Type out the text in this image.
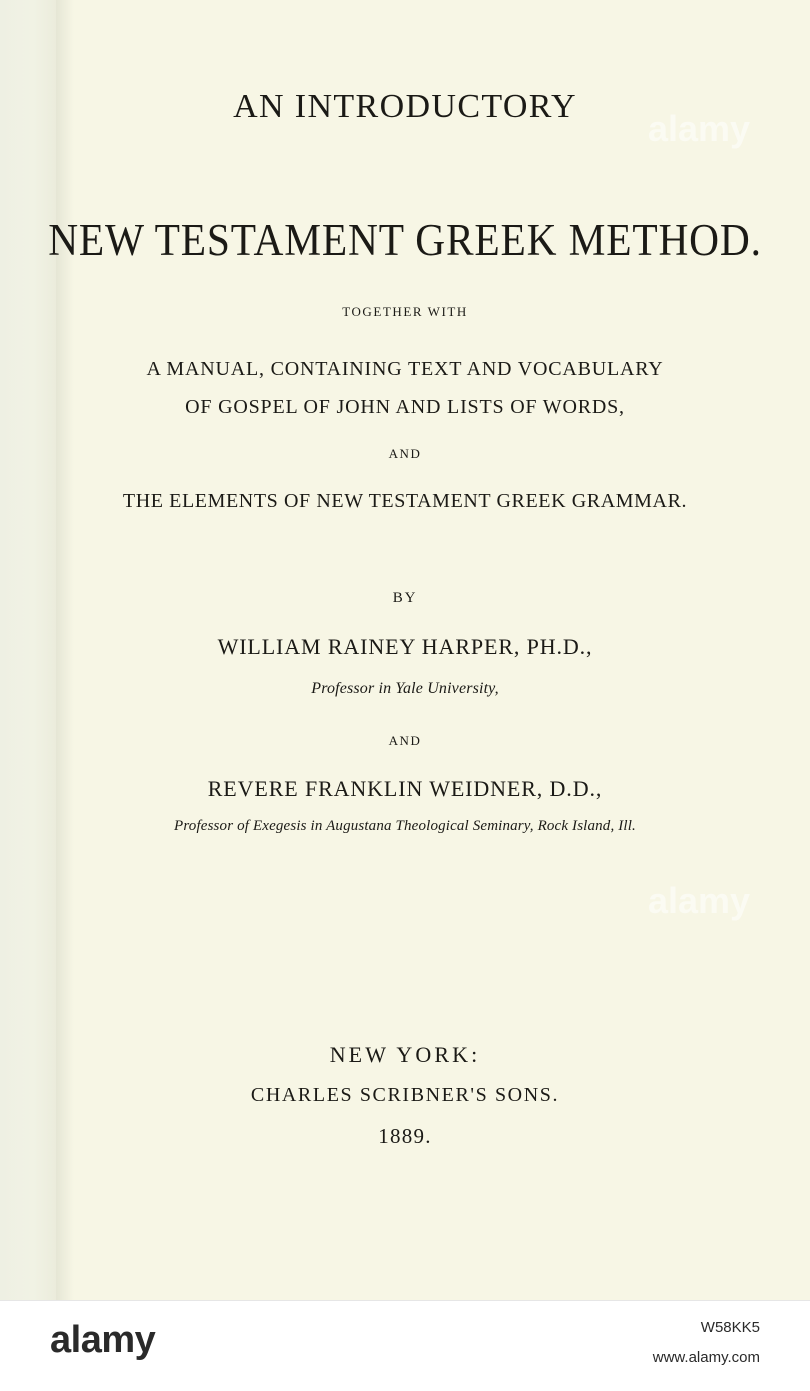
AN INTRODUCTORY
NEW TESTAMENT GREEK METHOD.
TOGETHER WITH
A MANUAL, CONTAINING TEXT AND VOCABULARY
OF GOSPEL OF JOHN AND LISTS OF WORDS,
AND
THE ELEMENTS OF NEW TESTAMENT GREEK GRAMMAR.
BY
WILLIAM RAINEY HARPER, PH.D.,
Professor in Yale University,
AND
REVERE FRANKLIN WEIDNER, D.D.,
Professor of Exegesis in Augustana Theological Seminary, Rock Island, Ill.
NEW YORK:
CHARLES SCRIBNER'S SONS.
1889.
alamy
alamy
alamy	W58KK5
www.alamy.com
